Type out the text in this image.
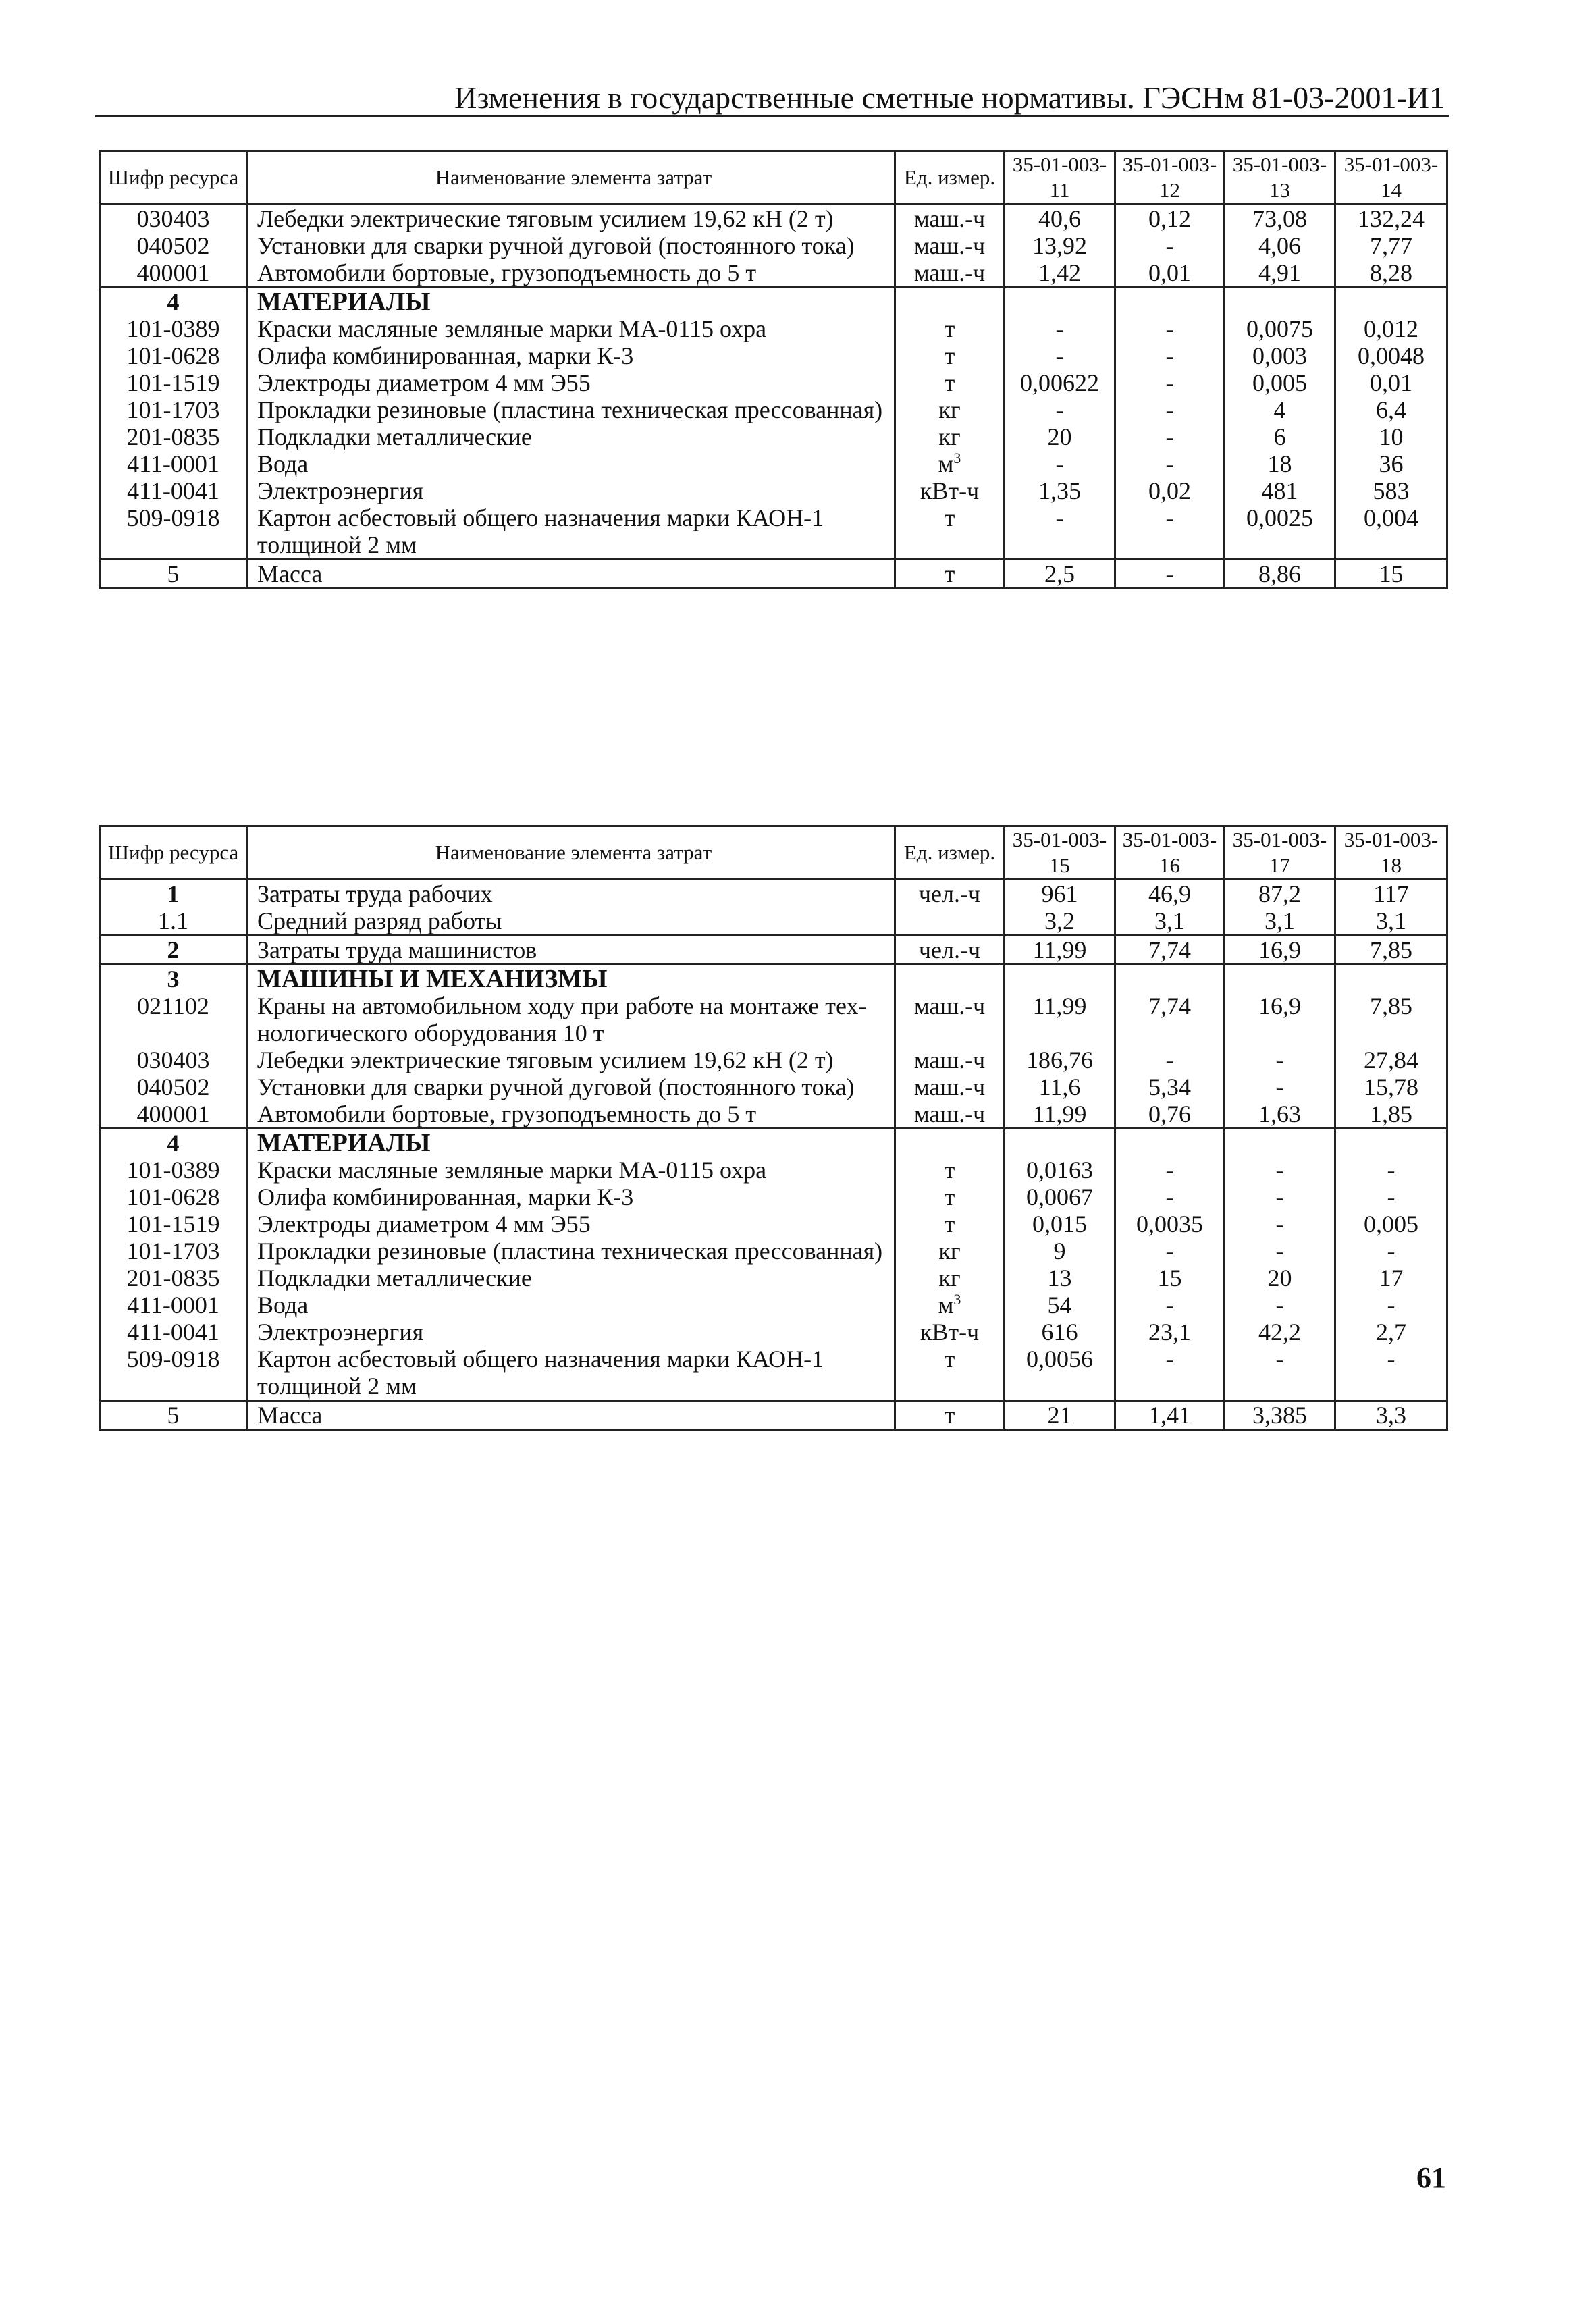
Изменения в государственные сметные нормативы. ГЭСНм 81-03-2001-И1
Шифр ресурса	Наименование элемента затрат	Ед. измер.	35-01-003-11	35-01-003-12	35-01-003-13	35-01-003-14
030403	Лебедки электрические тяговым усилием 19,62 кН (2 т)	маш.-ч	40,6	0,12	73,08	132,24
040502	Установки для сварки ручной дуговой (постоянного тока)	маш.-ч	13,92	-	4,06	7,77
400001	Автомобили бортовые, грузоподъемность до 5 т	маш.-ч	1,42	0,01	4,91	8,28
4	МАТЕРИАЛЫ					
101-0389	Краски масляные земляные марки МА-0115 охра	т	-	-	0,0075	0,012
101-0628	Олифа комбинированная, марки К-3	т	-	-	0,003	0,0048
101-1519	Электроды диаметром 4 мм Э55	т	0,00622	-	0,005	0,01
101-1703	Прокладки резиновые (пластина техническая прессованная)	кг	-	-	4	6,4
201-0835	Подкладки металлические	кг	20	-	6	10
411-0001	Вода	$м^3$	-	-	18	36
411-0041	Электроэнергия	кВт-ч	1,35	0,02	481	583
509-0918	Картон асбестовый общего назначения марки КАОН-1
толщиной 2 мм	т	-	-	0,0025	0,004
5	Масса	т	2,5	-	8,86	15
Шифр ресурса	Наименование элемента затрат	Ед. измер.	35-01-003-15	35-01-003-16	35-01-003-17	35-01-003-18
1	Затраты труда рабочих	чел.-ч	961	46,9	87,2	117
1.1	Средний разряд работы		3,2	3,1	3,1	3,1
2	Затраты труда машинистов	чел.-ч	11,99	7,74	16,9	7,85
3	МАШИНЫ И МЕХАНИЗМЫ					
021102	Краны на автомобильном ходу при работе на монтаже тех-
нологического оборудования 10 т	маш.-ч	11,99	7,74	16,9	7,85
030403	Лебедки электрические тяговым усилием 19,62 кН (2 т)	маш.-ч	186,76	-	-	27,84
040502	Установки для сварки ручной дуговой (постоянного тока)	маш.-ч	11,6	5,34	-	15,78
400001	Автомобили бортовые, грузоподъемность до 5 т	маш.-ч	11,99	0,76	1,63	1,85
4	МАТЕРИАЛЫ					
101-0389	Краски масляные земляные марки МА-0115 охра	т	0,0163	-	-	-
101-0628	Олифа комбинированная, марки К-3	т	0,0067	-	-	-
101-1519	Электроды диаметром 4 мм Э55	т	0,015	0,0035	-	0,005
101-1703	Прокладки резиновые (пластина техническая прессованная)	кг	9	-	-	-
201-0835	Подкладки металлические	кг	13	15	20	17
411-0001	Вода	$м^3$	54	-	-	-
411-0041	Электроэнергия	кВт-ч	616	23,1	42,2	2,7
509-0918	Картон асбестовый общего назначения марки КАОН-1
толщиной 2 мм	т	0,0056	-	-	-
5	Масса	т	21	1,41	3,385	3,3
61
